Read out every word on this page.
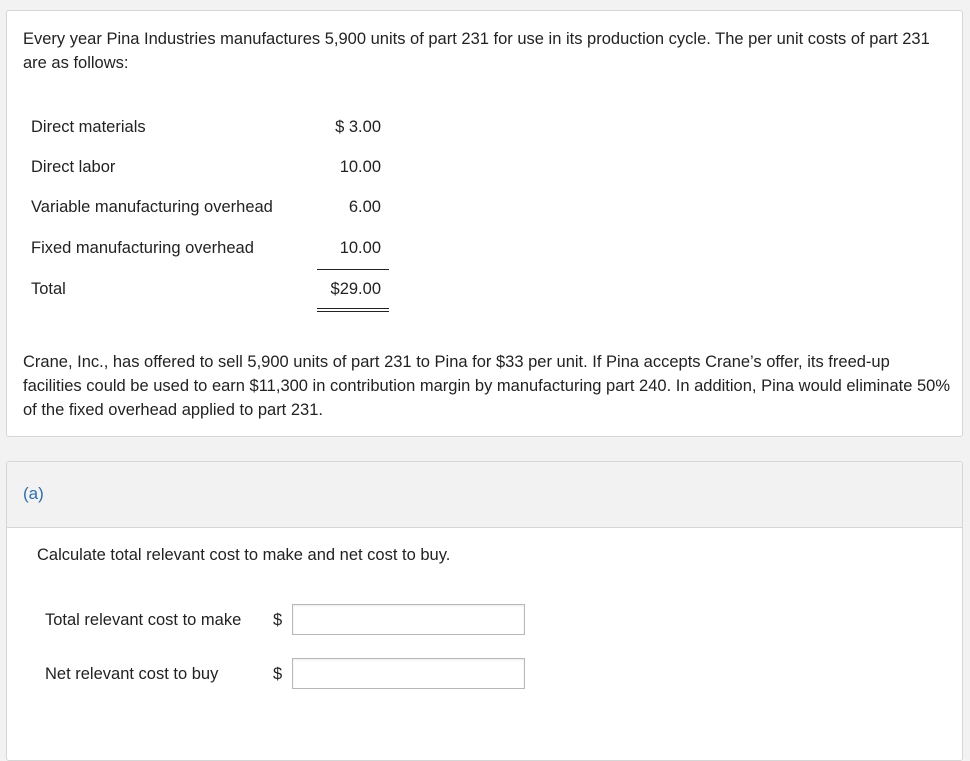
Every year Pina Industries manufactures 5,900 units of part 231 for use in its production cycle. The per unit costs of part 231 are as follows:

Direct materials	$ 3.00
Direct labor	10.00
Variable manufacturing overhead	6.00
Fixed manufacturing overhead	10.00
Total	$29.00

Crane, Inc., has offered to sell 5,900 units of part 231 to Pina for $33 per unit. If Pina accepts Crane’s offer, its freed-up facilities could be used to earn $11,300 in contribution margin by manufacturing part 240. In addition, Pina would eliminate 50% of the fixed overhead applied to part 231.

(a)
Calculate total relevant cost to make and net cost to buy.
Total relevant cost to make $
Net relevant cost to buy	$
